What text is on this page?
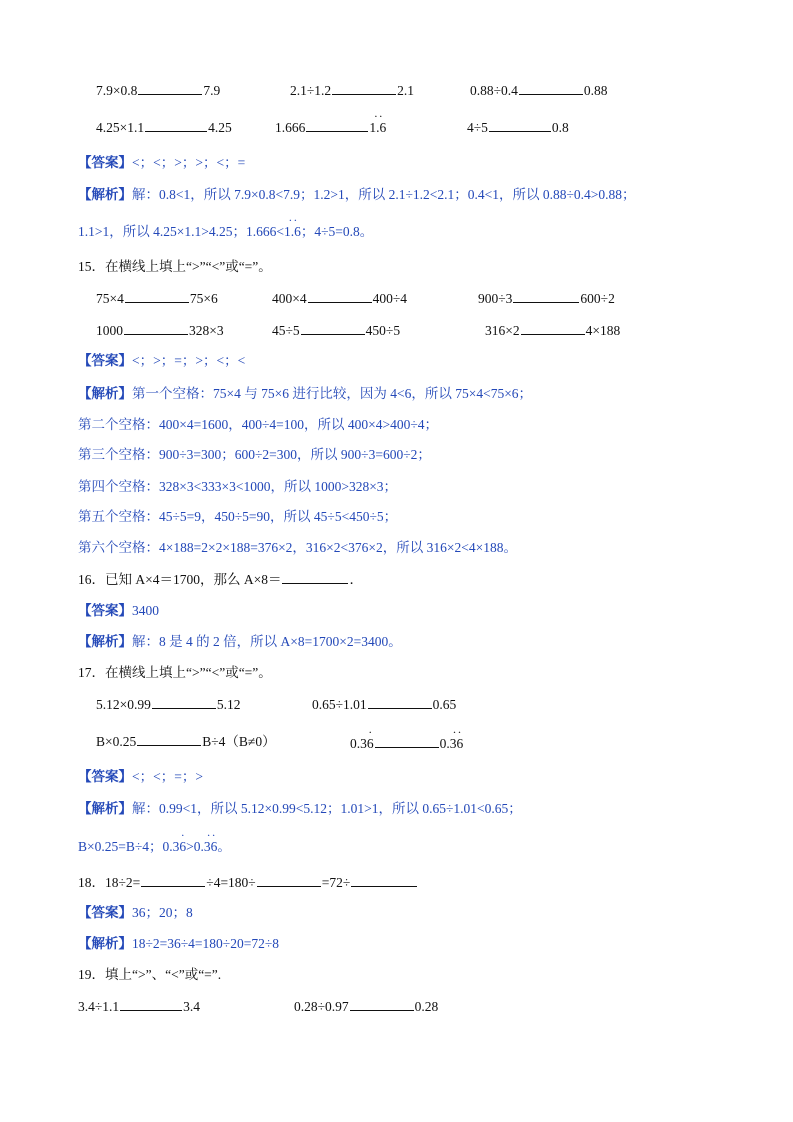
7.9×0.8	7.9	2.1÷1.2	2.1	0.88÷0.4	0.88
4.25×1.1	4.25	1.666· ·	1.6	4÷5	0.8
【答案】<；<；>；>；<；=
【解析】解：0.8<1，所以 7.9×0.8<7.9；1.2>1，所以 2.1÷1.2<2.1；0.4<1，所以 0.88÷0.4>0.88；
1.1>1，所以 4.25×1.1>4.25；1.666<· · 1.6；4÷5=0.8。
15．在横线上填上“>”“<”或“=”。
75×4	75×6	400×4	400÷4	900÷3	600÷2
1000	328×3	45÷5	450÷5	316×2	4×188
【答案】<；>；=；>；<；<
【解析】第一个空格：75×4 与 75×6 进行比较，因为 4<6，所以 75×4<75×6；
第二个空格：400×4=1600，400÷4=100，所以 400×4>400÷4；
第三个空格：900÷3=300；600÷2=300，所以 900÷3=600÷2；
第四个空格：328×3<333×3<1000，所以 1000>328×3；
第五个空格：45÷5=9，450÷5=90，所以 45÷5<450÷5；
第六个空格：4×188=2×2×188=376×2，316×2<376×2，所以 316×2<4×188。
16．已知 A×4＝1700，那么 A×8＝	．
【答案】3400
【解析】解：8 是 4 的 2 倍，所以 A×8=1700×2=3400。
17．在横线上填上“>”“<”或“=”。
5.12×0.99	5.12	0.65÷1.01	0.65
B×0.25	B÷4（B≠0）	0.3· 6	0.· · 36
【答案】<；<；=；>
【解析】解：0.99<1，所以 5.12×0.99<5.12；1.01>1，所以 0.65÷1.01<0.65；
B×0.25=B÷4；0.3· 6>0.· · 36。
18．18÷2=	÷4=180÷	=72÷
【答案】36；20；8
【解析】18÷2=36÷4=180÷20=72÷8
19．填上“>”、“<”或“=”.
3.4÷1.1	3.4	0.28÷0.97	0.28
